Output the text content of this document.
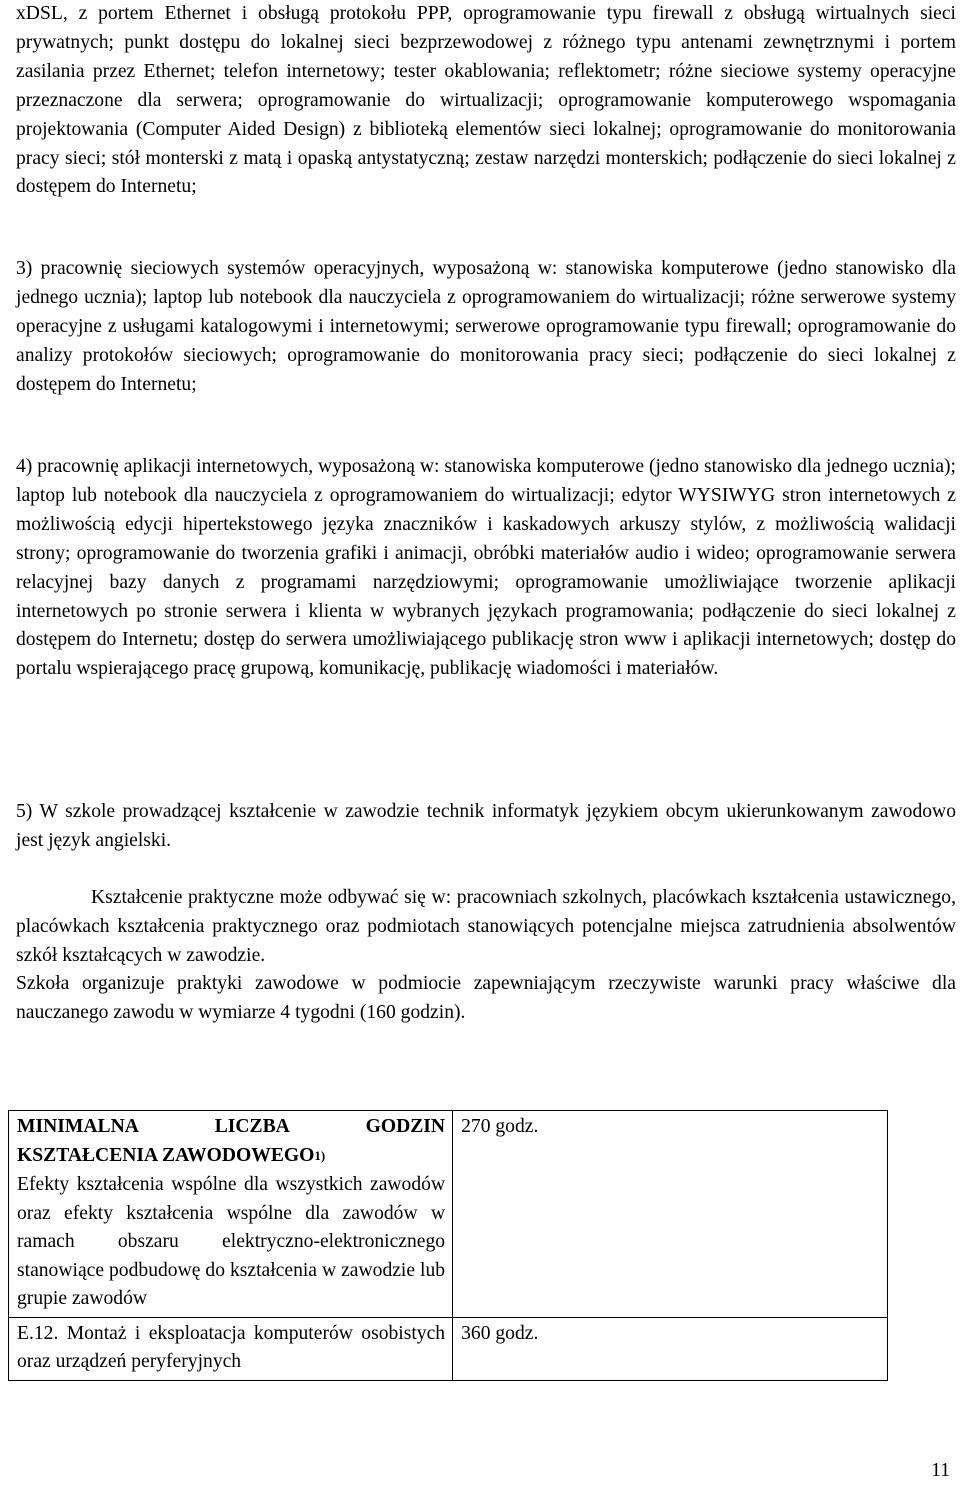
xDSL, z portem Ethernet i obsługą protokołu PPP, oprogramowanie typu firewall z obsługą wirtualnych sieci prywatnych; punkt dostępu do lokalnej sieci bezprzewodowej z różnego typu antenami zewnętrznymi i portem zasilania przez Ethernet; telefon internetowy; tester okablowania; reflektometr; różne sieciowe systemy operacyjne przeznaczone dla serwera; oprogramowanie do wirtualizacji; oprogramowanie komputerowego wspomagania projektowania (Computer Aided Design) z biblioteką elementów sieci lokalnej; oprogramowanie do monitorowania pracy sieci; stół monterski z matą i opaską antystatyczną; zestaw narzędzi monterskich; podłączenie do sieci lokalnej z dostępem do Internetu;

3) pracownię sieciowych systemów operacyjnych, wyposażoną w: stanowiska komputerowe (jedno stanowisko dla jednego ucznia); laptop lub notebook dla nauczyciela z oprogramowaniem do wirtualizacji; różne serwerowe systemy operacyjne z usługami katalogowymi i internetowymi; serwerowe oprogramowanie typu firewall; oprogramowanie do analizy protokołów sieciowych; oprogramowanie do monitorowania pracy sieci; podłączenie do sieci lokalnej z dostępem do Internetu;

4) pracownię aplikacji internetowych, wyposażoną w: stanowiska komputerowe (jedno stanowisko dla jednego ucznia); laptop lub notebook dla nauczyciela z oprogramowaniem do wirtualizacji; edytor WYSIWYG stron internetowych z możliwością edycji hipertekstowego języka znaczników i kaskadowych arkuszy stylów, z możliwością walidacji strony; oprogramowanie do tworzenia grafiki i animacji, obróbki materiałów audio i wideo; oprogramowanie serwera relacyjnej bazy danych z programami narzędziowymi; oprogramowanie umożliwiające tworzenie aplikacji internetowych po stronie serwera i klienta w wybranych językach programowania; podłączenie do sieci lokalnej z dostępem do Internetu; dostęp do serwera umożliwiającego publikację stron www i aplikacji internetowych; dostęp do portalu wspierającego pracę grupową, komunikację, publikację wiadomości i materiałów.

5) W szkole prowadzącej kształcenie w zawodzie technik informatyk językiem obcym ukierunkowanym zawodowo jest język angielski.

Kształcenie praktyczne może odbywać się w: pracowniach szkolnych, placówkach kształcenia ustawicznego, placówkach kształcenia praktycznego oraz podmiotach stanowiących potencjalne miejsca zatrudnienia absolwentów szkół kształcących w zawodzie.

Szkoła organizuje praktyki zawodowe w podmiocie zapewniającym rzeczywiste warunki pracy właściwe dla nauczanego zawodu w wymiarze 4 tygodni (160 godzin).

MINIMALNA LICZBA GODZIN KSZTAŁCENIA ZAWODOWEGO$^{1)}$
Efekty kształcenia wspólne dla wszystkich zawodów oraz efekty kształcenia wspólne dla zawodów w ramach obszaru elektryczno-elektronicznego stanowiące podbudowę do kształcenia w zawodzie lub grupie zawodów	270 godz.
E.12. Montaż i eksploatacja komputerów osobistych oraz urządzeń peryferyjnych	360 godz.
11
